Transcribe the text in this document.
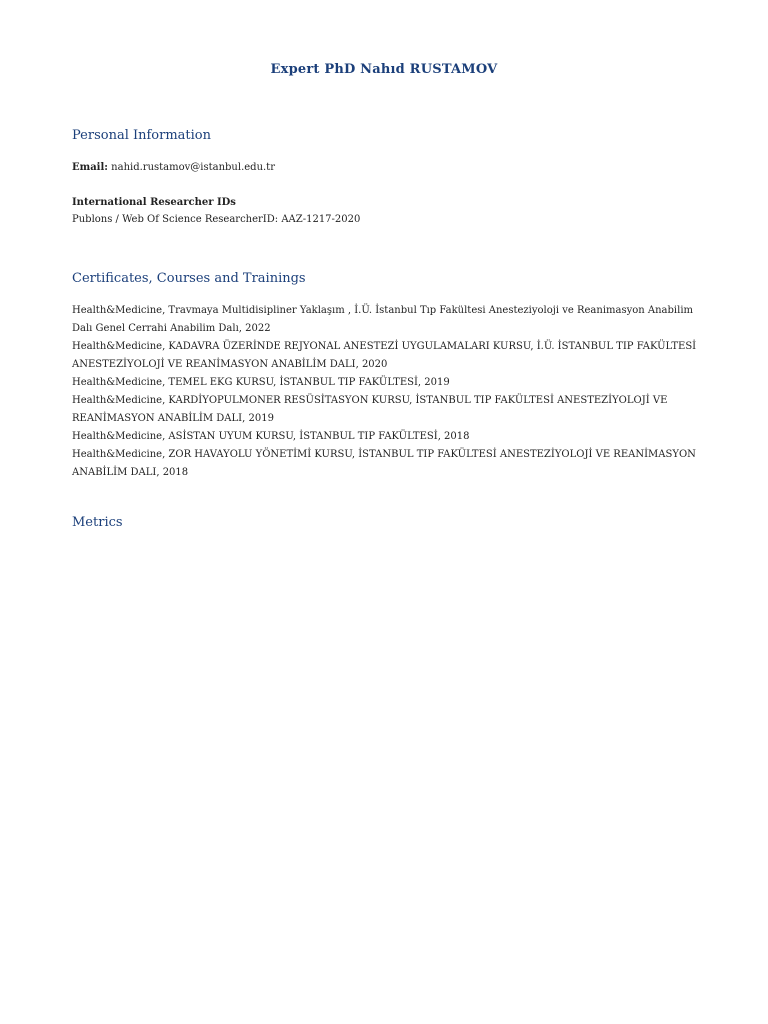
Expert PhD Nahıd RUSTAMOV
Personal Information
Email: nahid.rustamov@istanbul.edu.tr
International Researcher IDs
Publons / Web Of Science ResearcherID: AAZ-1217-2020
Certificates, Courses and Trainings

Health&Medicine, Travmaya Multidisipliner Yaklaşım , İ.Ü. İstanbul Tıp Fakültesi Anesteziyoloji ve Reanimasyon Anabilim Dalı Genel Cerrahi Anabilim Dalı, 2022

Health&Medicine, KADAVRA ÜZERİNDE REJYONAL ANESTEZİ UYGULAMALARI KURSU, İ.Ü. İSTANBUL TIP FAKÜLTESİ ANESTEZİYOLOJİ VE REANİMASYON ANABİLİM DALI, 2020

Health&Medicine, TEMEL EKG KURSU, İSTANBUL TIP FAKÜLTESİ, 2019

Health&Medicine, KARDİYOPULMONER RESÜSİTASYON KURSU, İSTANBUL TIP FAKÜLTESİ ANESTEZİYOLOJİ VE REANİMASYON ANABİLİM DALI, 2019

Health&Medicine, ASİSTAN UYUM KURSU, İSTANBUL TIP FAKÜLTESİ, 2018

Health&Medicine, ZOR HAVAYOLU YÖNETİMİ KURSU, İSTANBUL TIP FAKÜLTESİ ANESTEZİYOLOJİ VE REANİMASYON ANABİLİM DALI, 2018

Metrics
